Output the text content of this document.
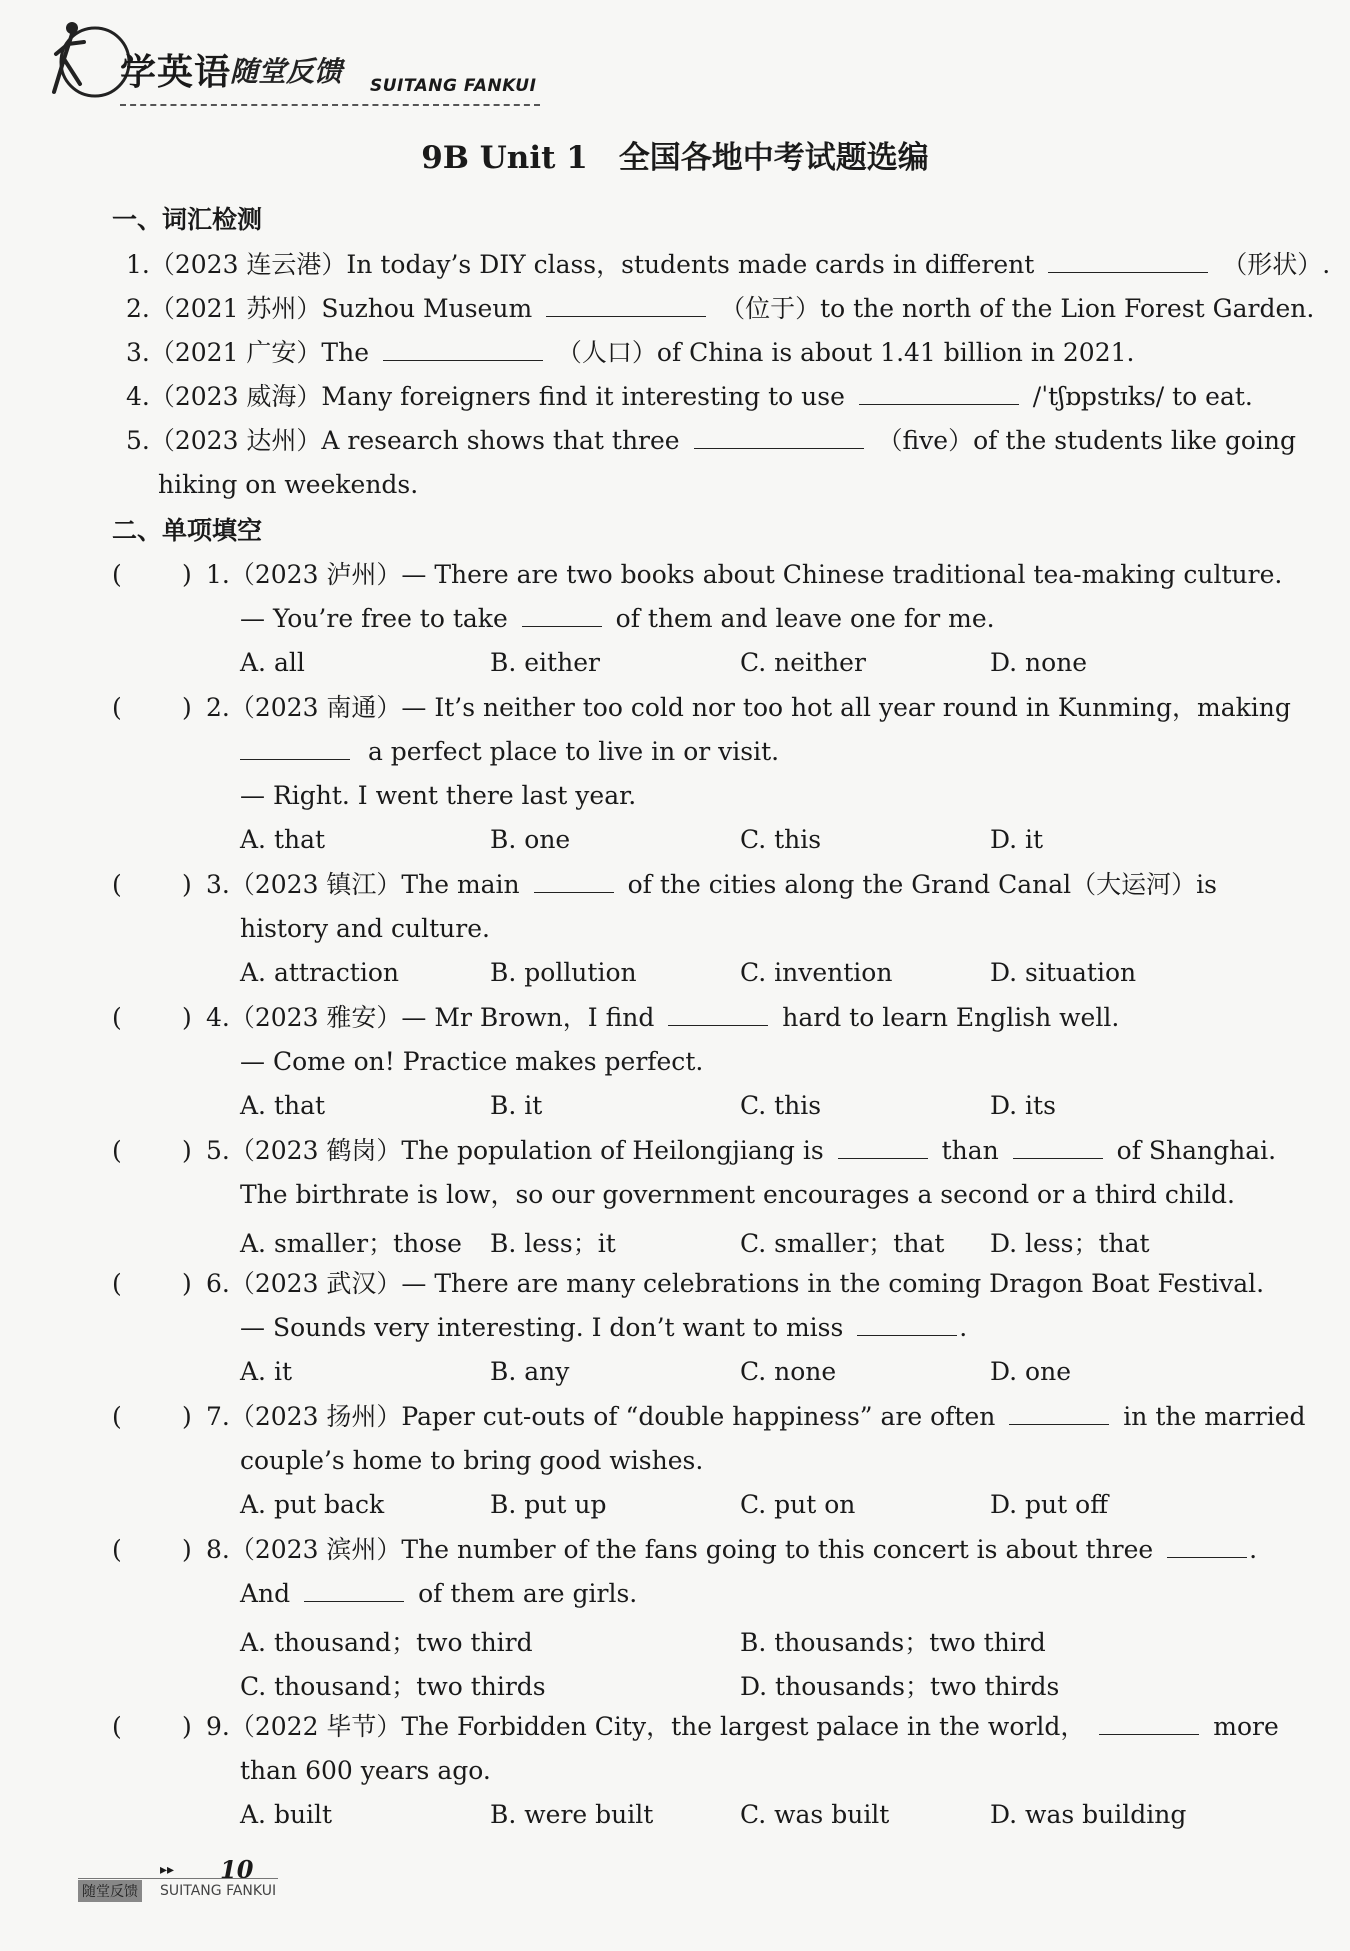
学英语
随堂反馈 SUITANG FANKUI
9B Unit 1　全国各地中考试题选编
一、词汇检测
1.（2023 连云港）In today’s DIY class，students made cards in different	（形状）.
2.（2021 苏州）Suzhou Museum	（位于）to the north of the Lion Forest Garden.
3.（2021 广安）The	（人口）of China is about 1.41 billion in 2021.
4.（2023 威海）Many foreigners find it interesting to use	/ˈtʃɒpstɪks/ to eat.
5.（2023 达州）A research shows that three	（five）of the students like going
hiking on weekends.
二、单项填空
( ) 1.（2023 泸州）— There are two books about Chinese traditional tea-making culture.
— You’re free to take	of them and leave one for me.
A. all	B. either	C. neither	D. none
( ) 2.（2023 南通）— It’s neither too cold nor too hot all year round in Kunming，making
a perfect place to live in or visit.
— Right. I went there last year.
A. that	B. one	C. this	D. it
( ) 3.（2023 镇江）The main	of the cities along the Grand Canal（大运河）is
history and culture.
A. attraction	B. pollution	C. invention	D. situation
( ) 4.（2023 雅安）— Mr Brown，I find	hard to learn English well.
— Come on! Practice makes perfect.
A. that	B. it	C. this	D. its
( ) 5.（2023 鹤岗）The population of Heilongjiang is	than	of Shanghai.
The birthrate is low，so our government encourages a second or a third child.
A. smaller；those B. less；it	C. smaller；that D. less；that
( ) 6.（2023 武汉）— There are many celebrations in the coming Dragon Boat Festival.
— Sounds very interesting. I don’t want to miss	.
A. it	B. any	C. none	D. one
( ) 7.（2023 扬州）Paper cut-outs of “double happiness” are often	in the married
couple’s home to bring good wishes.
A. put back	B. put up	C. put on	D. put off
( ) 8.（2023 滨州）The number of the fans going to this concert is about three	.
And	of them are girls.
A. thousand；two third	B. thousands；two third
C. thousand；two thirds	D. thousands；two thirds
( ) 9.（2022 毕节）The Forbidden City，the largest palace in the world，	more
than 600 years ago.
A. built	B. were built	C. was built	D. was building
▸▸ 10
随堂反馈 SUITANG FANKUI
